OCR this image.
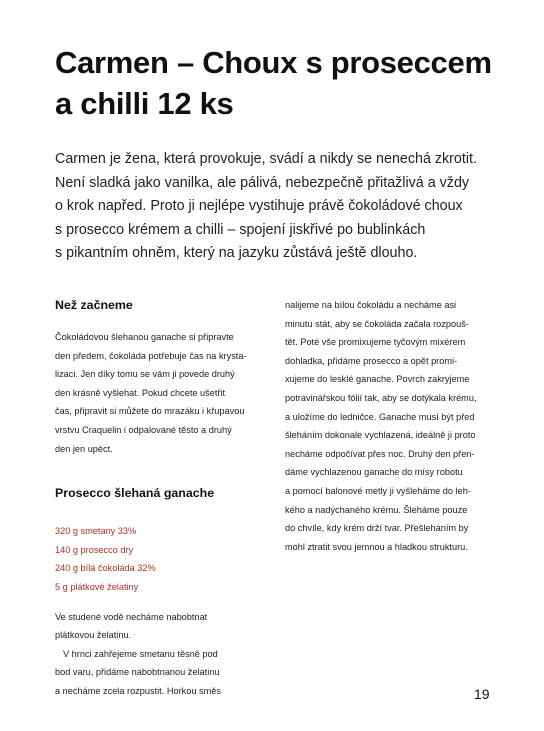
Carmen – Choux s proseccem
a chilli 12 ks
Carmen je žena, která provokuje, svádí a nikdy se nenechá zkrotit.
Není sladká jako vanilka, ale pálivá, nebezpečně přitažlivá a vždy
o krok napřed. Proto ji nejlépe vystihuje právě čokoládové choux
s prosecco krémem a chilli – spojení jiskřivé po bublinkách
s pikantním ohněm, který na jazyku zůstává ještě dlouho.
Než začneme
Čokoládovou šlehanou ganache si připravte
den předem, čokoláda potřebuje čas na krysta-
lizaci. Jen díky tomu se vám ji povede druhý
den krásně vyšlehat. Pokud chcete ušetřit
čas, připravit si můžete do mrazáku i křupavou
vrstvu Craquelin i odpalované těsto a druhý
den jen upéct.
Prosecco šlehaná ganache
320 g smetany 33%
140 g prosecco dry
240 g bílá čokoláda 32%
5 g plátkové želatiny
Ve studené vodě necháme nabobtnat
plátkovou želatinu.
V hrnci zahřejeme smetanu těsně pod
bod varu, přidáme nabobtnanou želatinu
a necháme zcela rozpustit. Horkou směs
nalijeme na bílou čokoládu a necháme asi
minutu stát, aby se čokoláda začala rozpouš-
tět. Poté vše promixujeme tyčovým mixérem
dohladka, přidáme prosecco a opět promi-
xujeme do lesklé ganache. Povrch zakryjeme
potravinářskou fólií tak, aby se dotýkala krému,
a uložíme do ledničce. Ganache musí být před
šleháním dokonale vychlazená, ideálně ji proto
necháme odpočívat přes noc. Druhý den přen-
dáme vychlazenou ganache do mísy robotu
a pomocí balonové metly ji vyšleháme do leh-
kého a nadýchaného krému. Šleháme pouze
do chvíle, kdy krém drží tvar. Přešleháním by
mohl ztratit svou jemnou a hladkou strukturu.
19
